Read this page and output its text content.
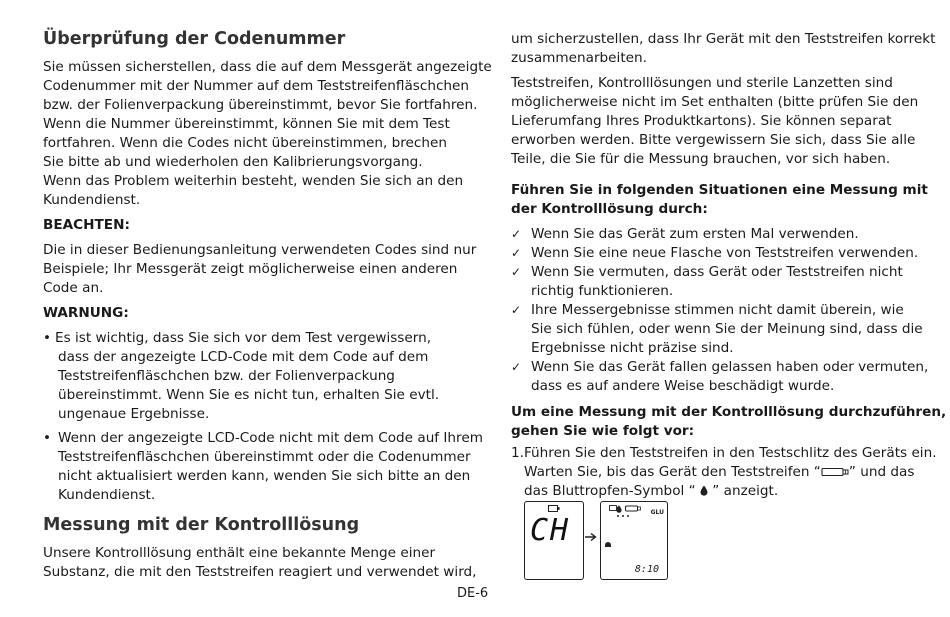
Überprüfung der Codenummer
Sie müssen sicherstellen, dass die auf dem Messgerät angezeigte
Codenummer mit der Nummer auf dem Teststreifenfläschchen
bzw. der Folienverpackung übereinstimmt, bevor Sie fortfahren.
Wenn die Nummer übereinstimmt, können Sie mit dem Test
fortfahren. Wenn die Codes nicht übereinstimmen, brechen
Sie bitte ab und wiederholen den Kalibrierungsvorgang.
Wenn das Problem weiterhin besteht, wenden Sie sich an den
Kundendienst.
BEACHTEN:
Die in dieser Bedienungsanleitung verwendeten Codes sind nur
Beispiele; Ihr Messgerät zeigt möglicherweise einen anderen
Code an.
WARNUNG:
• Es ist wichtig, dass Sie sich vor dem Test vergewissern,
dass der angezeigte LCD-Code mit dem Code auf dem
Teststreifenfläschchen bzw. der Folienverpackung
übereinstimmt. Wenn Sie es nicht tun, erhalten Sie evtl.
ungenaue Ergebnisse.
• Wenn der angezeigte LCD-Code nicht mit dem Code auf Ihrem
Teststreifenfläschchen übereinstimmt oder die Codenummer
nicht aktualisiert werden kann, wenden Sie sich bitte an den
Kundendienst.
Messung mit der Kontrolllösung
Unsere Kontrolllösung enthält eine bekannte Menge einer
Substanz, die mit den Teststreifen reagiert und verwendet wird,
um sicherzustellen, dass Ihr Gerät mit den Teststreifen korrekt
zusammenarbeiten.
Teststreifen, Kontrolllösungen und sterile Lanzetten sind
möglicherweise nicht im Set enthalten (bitte prüfen Sie den
Lieferumfang Ihres Produktkartons). Sie können separat
erworben werden. Bitte vergewissern Sie sich, dass Sie alle
Teile, die Sie für die Messung brauchen, vor sich haben.
Führen Sie in folgenden Situationen eine Messung mit
der Kontrolllösung durch:
✓ Wenn Sie das Gerät zum ersten Mal verwenden.
✓ Wenn Sie eine neue Flasche von Teststreifen verwenden.
✓ Wenn Sie vermuten, dass Gerät oder Teststreifen nicht
richtig funktionieren.
✓ Ihre Messergebnisse stimmen nicht damit überein, wie
Sie sich fühlen, oder wenn Sie der Meinung sind, dass die
Ergebnisse nicht präzise sind.
✓ Wenn Sie das Gerät fallen gelassen haben oder vermuten,
dass es auf andere Weise beschädigt wurde.
Um eine Messung mit der Kontrolllösung durchzuführen,
gehen Sie wie folgt vor:
1.Führen Sie den Teststreifen in den Testschlitz des Geräts ein.
Warten Sie, bis das Gerät den Teststreifen “ ” und das
das Bluttropfen-Symbol “  ” anzeigt.
CH
GLU
8:10
DE-6
